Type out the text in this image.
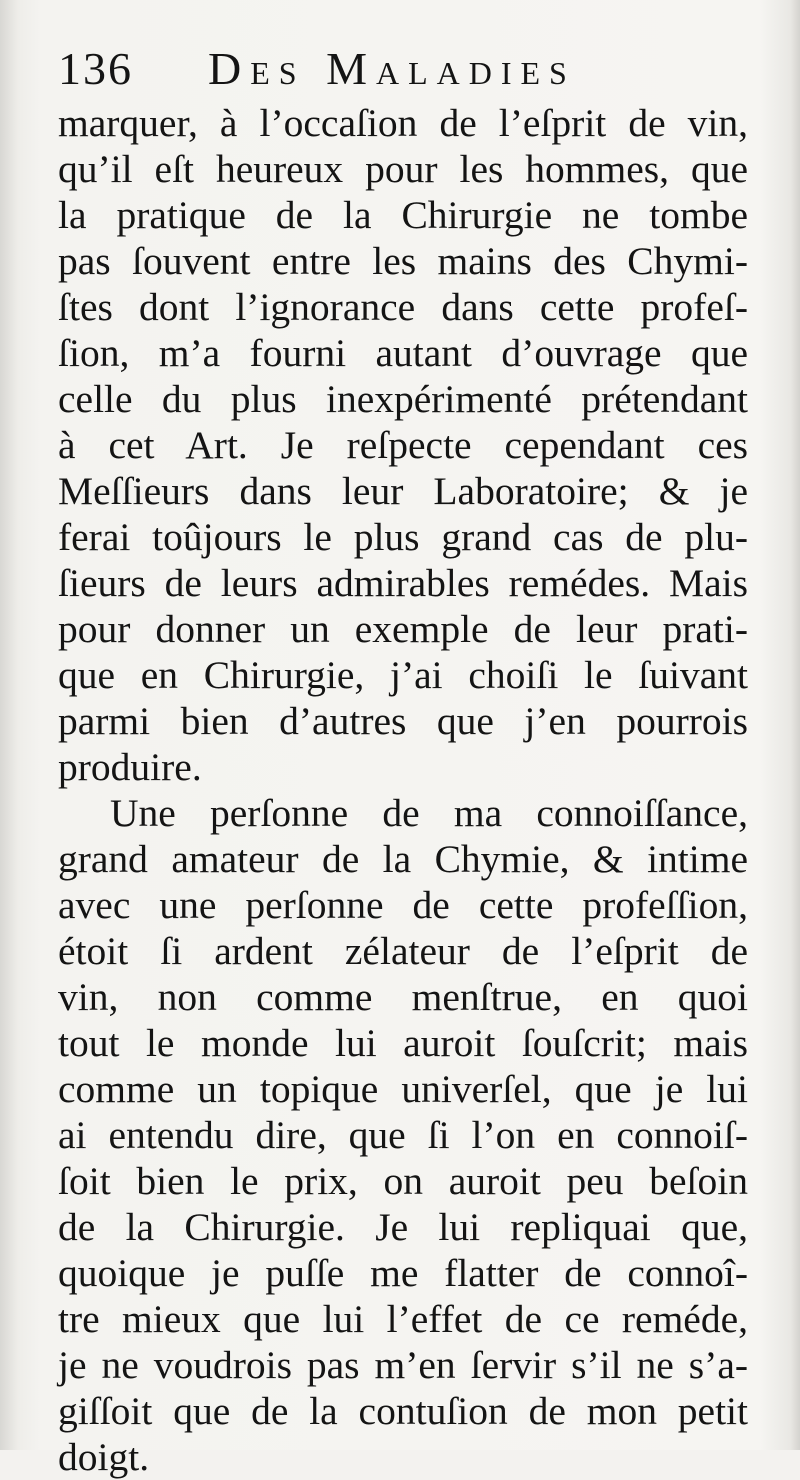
136 Des Maladies
marquer, à l’occaſion de l’eſprit de vin,
qu’il eſt heureux pour les hommes, que
la pratique de la Chirurgie ne tombe
pas ſouvent entre les mains des Chymi-
ſtes dont l’ignorance dans cette profeſ-
ſion, m’a fourni autant d’ouvrage que
celle du plus inexpérimenté prétendant
à cet Art. Je reſpecte cependant ces
Meſſieurs dans leur Laboratoire; & je
ferai toûjours le plus grand cas de plu-
ſieurs de leurs admirables remédes. Mais
pour donner un exemple de leur prati-
que en Chirurgie, j’ai choiſi le ſuivant
parmi bien d’autres que j’en pourrois
produire.
Une perſonne de ma connoiſſance,
grand amateur de la Chymie, & intime
avec une perſonne de cette profeſſion,
étoit ſi ardent zélateur de l’eſprit de
vin, non comme menſtrue, en quoi
tout le monde lui auroit ſouſcrit; mais
comme un topique univerſel, que je lui
ai entendu dire, que ſi l’on en connoiſ-
ſoit bien le prix, on auroit peu beſoin
de la Chirurgie. Je lui repliquai que,
quoique je puſſe me flatter de connoî-
tre mieux que lui l’effet de ce reméde,
je ne voudrois pas m’en ſervir s’il ne s’a-
giſſoit que de la contuſion de mon petit
doigt.
